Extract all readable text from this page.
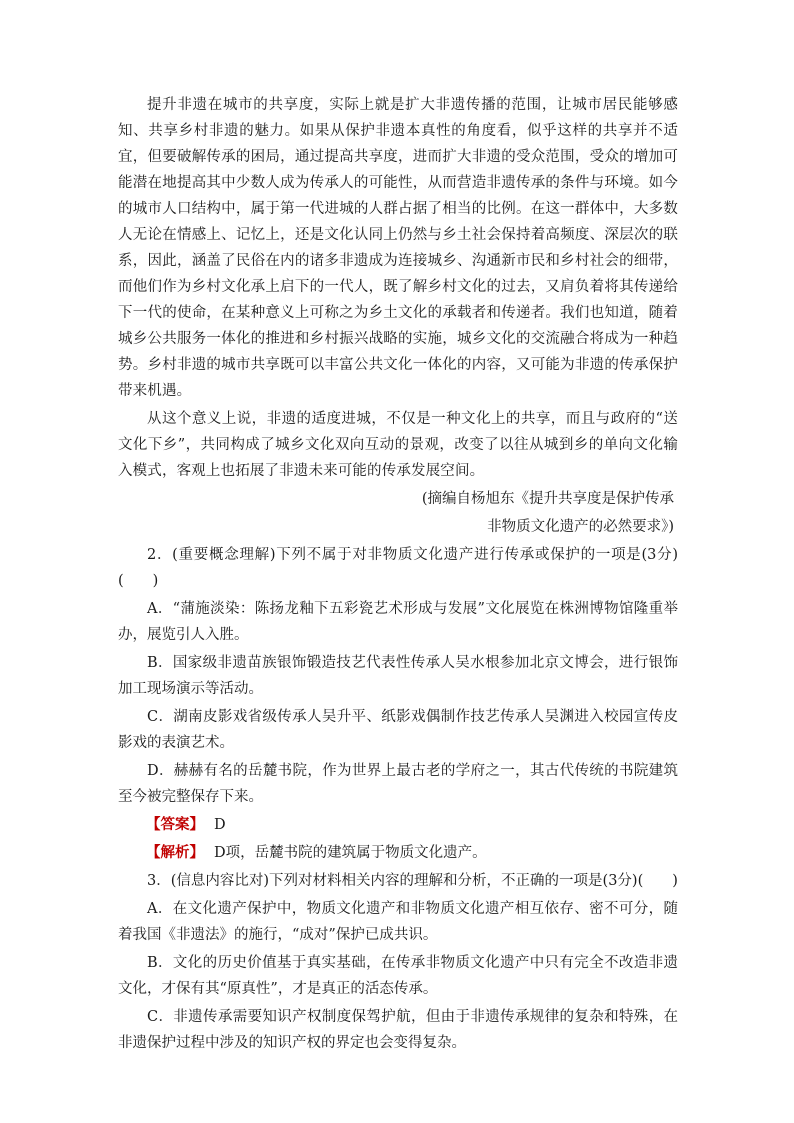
提升非遗在城市的共享度，实际上就是扩大非遗传播的范围，让城市居民能够感知、共享乡村非遗的魅力。如果从保护非遗本真性的角度看，似乎这样的共享并不适宜，但要破解传承的困局，通过提高共享度，进而扩大非遗的受众范围，受众的增加可能潜在地提高其中少数人成为传承人的可能性，从而营造非遗传承的条件与环境。如今的城市人口结构中，属于第一代进城的人群占据了相当的比例。在这一群体中，大多数人无论在情感上、记忆上，还是文化认同上仍然与乡土社会保持着高频度、深层次的联系，因此，涵盖了民俗在内的诸多非遗成为连接城乡、沟通新市民和乡村社会的细带，而他们作为乡村文化承上启下的一代人，既了解乡村文化的过去，又肩负着将其传递给下一代的使命，在某种意义上可称之为乡土文化的承载者和传递者。我们也知道，随着城乡公共服务一体化的推进和乡村振兴战略的实施，城乡文化的交流融合将成为一种趋势。乡村非遗的城市共享既可以丰富公共文化一体化的内容，又可能为非遗的传承保护带来机遇。

从这个意义上说，非遗的适度进城，不仅是一种文化上的共享，而且与政府的“送文化下乡”，共同构成了城乡文化双向互动的景观，改变了以往从城到乡的单向文化输入模式，客观上也拓展了非遗未来可能的传承发展空间。

(摘编自杨旭东《提升共享度是保护传承

非物质文化遗产的必然要求》)

2．(重要概念理解)下列不属于对非物质文化遗产进行传承或保护的一项是(3分)(　　)

A．“蒲施淡染：陈扬龙釉下五彩瓷艺术形成与发展”文化展览在株洲博物馆隆重举办，展览引人入胜。

B．国家级非遗苗族银饰锻造技艺代表性传承人吴水根参加北京文博会，进行银饰加工现场演示等活动。

C．湖南皮影戏省级传承人吴升平、纸影戏偶制作技艺传承人吴渊进入校园宣传皮影戏的表演艺术。

D．赫赫有名的岳麓书院，作为世界上最古老的学府之一，其古代传统的书院建筑至今被完整保存下来。

【答案】 D

【解析】 D项，岳麓书院的建筑属于物质文化遗产。

3．(信息内容比对)下列对材料相关内容的理解和分析，不正确的一项是(3分)(　　)

A．在文化遗产保护中，物质文化遗产和非物质文化遗产相互依存、密不可分，随着我国《非遗法》的施行，“成对”保护已成共识。

B．文化的历史价值基于真实基础，在传承非物质文化遗产中只有完全不改造非遗文化，才保有其“原真性”，才是真正的活态传承。

C．非遗传承需要知识产权制度保驾护航，但由于非遗传承规律的复杂和特殊，在非遗保护过程中涉及的知识产权的界定也会变得复杂。
